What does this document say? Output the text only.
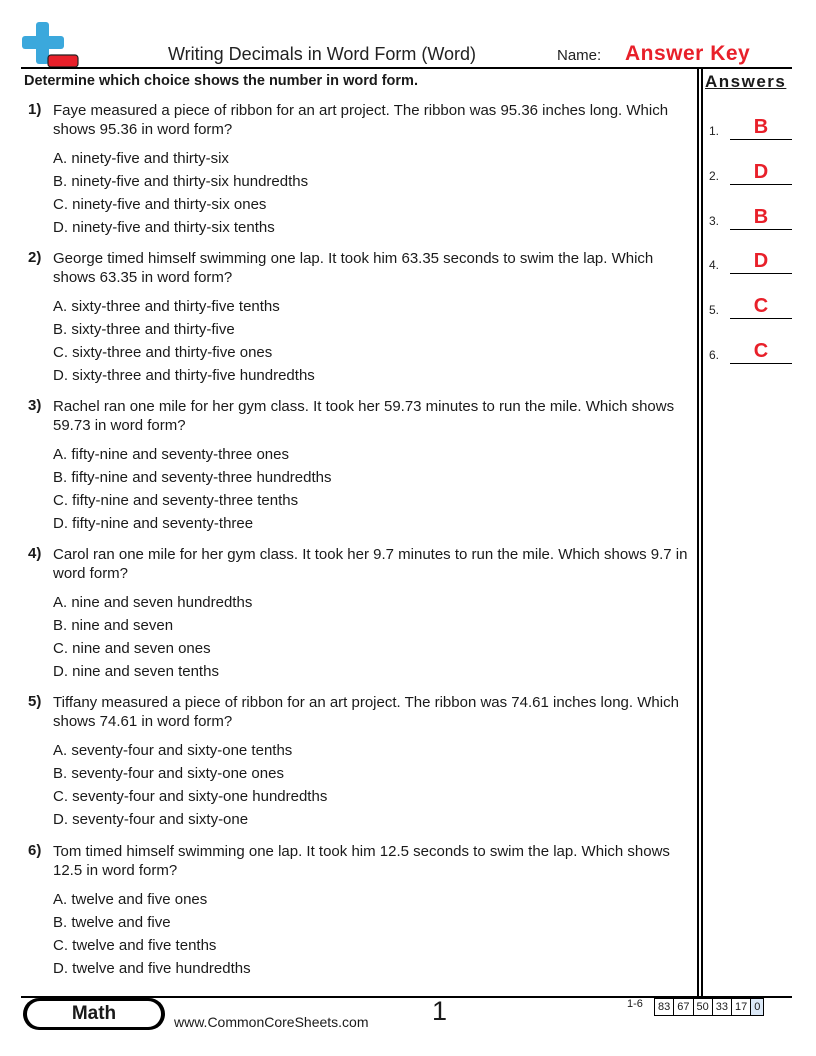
Writing Decimals in Word Form (Word)	Name: Answer Key
Determine which choice shows the number in word form.	Answers
1.	B
2.	D
3.	B
4.	D
5.	C
6.	C
1) Faye measured a piece of ribbon for an art project. The ribbon was 95.36 inches long. Which shows 95.36 in word form?
A. ninety-five and thirty-six
B. ninety-five and thirty-six hundredths
C. ninety-five and thirty-six ones
D. ninety-five and thirty-six tenths
2) George timed himself swimming one lap. It took him 63.35 seconds to swim the lap. Which shows 63.35 in word form?
A. sixty-three and thirty-five tenths
B. sixty-three and thirty-five
C. sixty-three and thirty-five ones
D. sixty-three and thirty-five hundredths
3) Rachel ran one mile for her gym class. It took her 59.73 minutes to run the mile. Which shows 59.73 in word form?
A. fifty-nine and seventy-three ones
B. fifty-nine and seventy-three hundredths
C. fifty-nine and seventy-three tenths
D. fifty-nine and seventy-three
4) Carol ran one mile for her gym class. It took her 9.7 minutes to run the mile. Which shows 9.7 in word form?
A. nine and seven hundredths
B. nine and seven
C. nine and seven ones
D. nine and seven tenths
5) Tiffany measured a piece of ribbon for an art project. The ribbon was 74.61 inches long. Which shows 74.61 in word form?
A. seventy-four and sixty-one tenths
B. seventy-four and sixty-one ones
C. seventy-four and sixty-one hundredths
D. seventy-four and sixty-one
6) Tom timed himself swimming one lap. It took him 12.5 seconds to swim the lap. Which shows 12.5 in word form?
A. twelve and five ones
B. twelve and five
C. twelve and five tenths
D. twelve and five hundredths
Math	www.CommonCoreSheets.com 1	1-6	83 67 50 33 17 0
